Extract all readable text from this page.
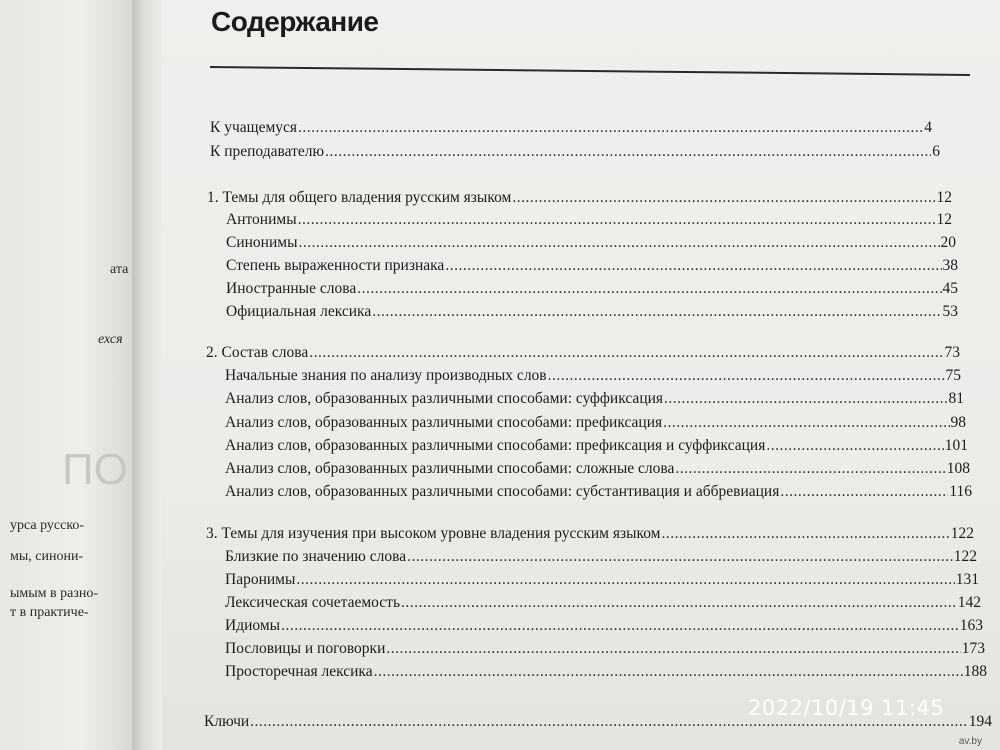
ата
ехся
урса русско-
мы, синони-
ымым в разно-
т в практиче-
ПО
Содержание
К учащемуся .....	4
К преподавателю .....	6
1. Темы для общего владения русским языком .....	12
Антонимы .....	12
Синонимы .....	20
Степень выраженности признака .....	38
Иностранные слова .....	45
Официальная лексика .....	53
2. Состав слова .....	73
Начальные знания по анализу производных слов .....	75
Анализ слов, образованных различными способами: суффиксация .....	81
Анализ слов, образованных различными способами: префиксация .....	98
Анализ слов, образованных различными способами: префиксация и суффиксация .....	101
Анализ слов, образованных различными способами: сложные слова .....	108
Анализ слов, образованных различными способами: субстантивация и аббревиация .....	116
3. Темы для изучения при высоком уровне владения русским языком .....	122
Близкие по значению слова .....	122
Паронимы .....	131
Лексическая сочетаемость .....	142
Идиомы .....	163
Пословицы и поговорки .....	173
Просторечная лексика .....	188
Ключи .....	194
2022/10/19 11:45
av.by
